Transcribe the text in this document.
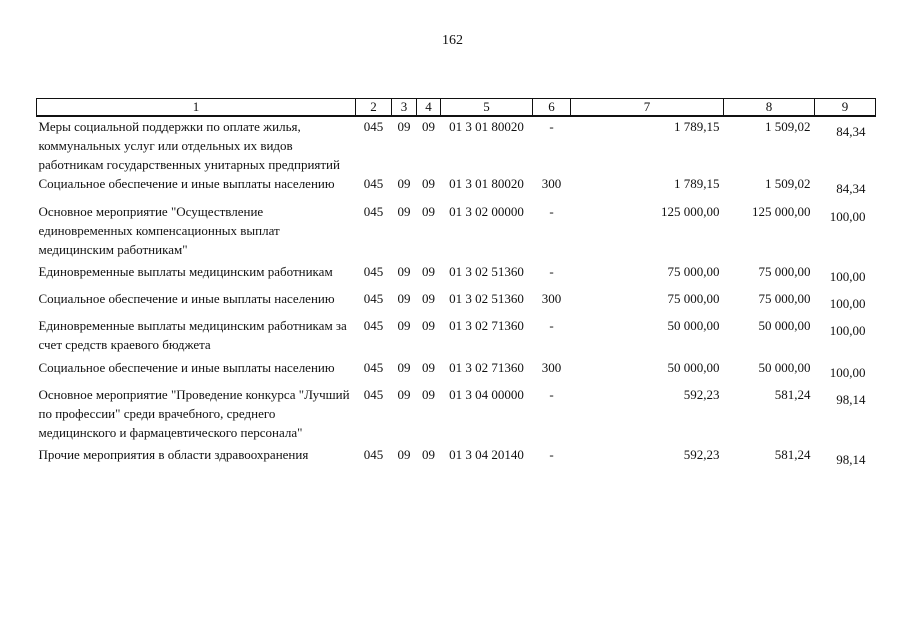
162
1	2	3	4	5	6	7	8	9
Меры социальной поддержки по оплате жилья, коммунальных услуг или отдельных их видов работникам государственных унитарных предприятий	045	09	09	01 3 01 80020	-	1 789,15	1 509,02	84,34
Социальное обеспечение и иные выплаты населению	045	09	09	01 3 01 80020	300	1 789,15	1 509,02	84,34
Основное мероприятие "Осуществление единовременных компенсационных выплат медицинским работникам"	045	09	09	01 3 02 00000	-	125 000,00	125 000,00	100,00
Единовременные выплаты медицинским работникам	045	09	09	01 3 02 51360	-	75 000,00	75 000,00	100,00
Социальное обеспечение и иные выплаты населению	045	09	09	01 3 02 51360	300	75 000,00	75 000,00	100,00
Единовременные выплаты медицинским работникам за счет средств краевого бюджета	045	09	09	01 3 02 71360	-	50 000,00	50 000,00	100,00
Социальное обеспечение и иные выплаты населению	045	09	09	01 3 02 71360	300	50 000,00	50 000,00	100,00
Основное мероприятие "Проведение конкурса "Лучший по профессии" среди врачебного, среднего медицинского и фармацевтического персонала"	045	09	09	01 3 04 00000	-	592,23	581,24	98,14
Прочие мероприятия в области здравоохранения	045	09	09	01 3 04 20140	-	592,23	581,24	98,14
